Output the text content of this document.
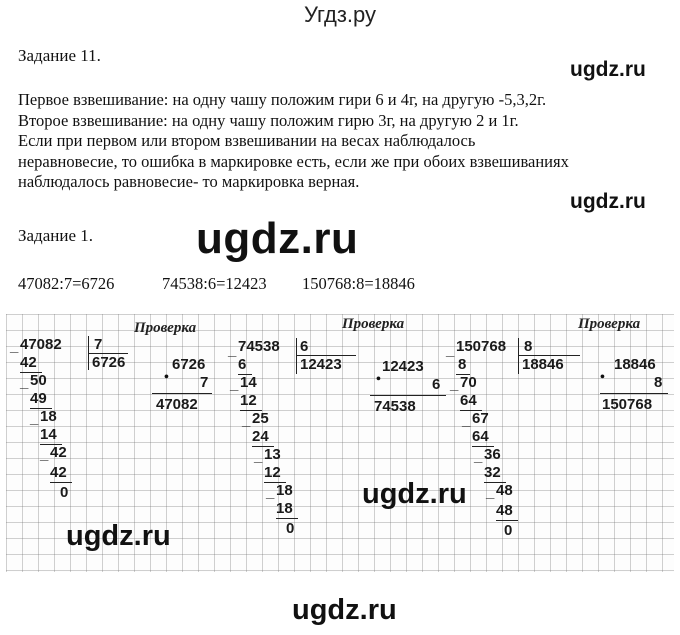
Угдз.ру
Задание 11.
ugdz.ru
Первое взвешивание: на одну чашу положим гири 6 и 4г, на другую -5,3,2г.
Второе взвешивание: на одну чашу положим гирю 3г, на другую 2 и 1г.
Если при первом или втором взвешивании на весах наблюдалось
неравновесие, то ошибка в маркировке есть, если же при обоих взвешиваниях
наблюдалось равновесие- то маркировка верная.
ugdz.ru
Задание 1. ugdz.ru
47082:7=6726	74538:6=12423 150768:8=18846
Проверка
_ 47082 7
6726
42
_ 50
49
_ 18
14
_ 42
42
0
6726
• 7
47082
Проверка
_ 74538 6
12423
6
_ 14
12
_ 25
24
_ 13
12
_ 18
18
0
12423
•	6
74538
Проверка
_ 150768 8
18846
8
_ 70
64
_ 67
64
_ 36
32
_ 48
48
0
18846
•	8
150768
ugdz.ru
ugdz.ru
ugdz.ru
